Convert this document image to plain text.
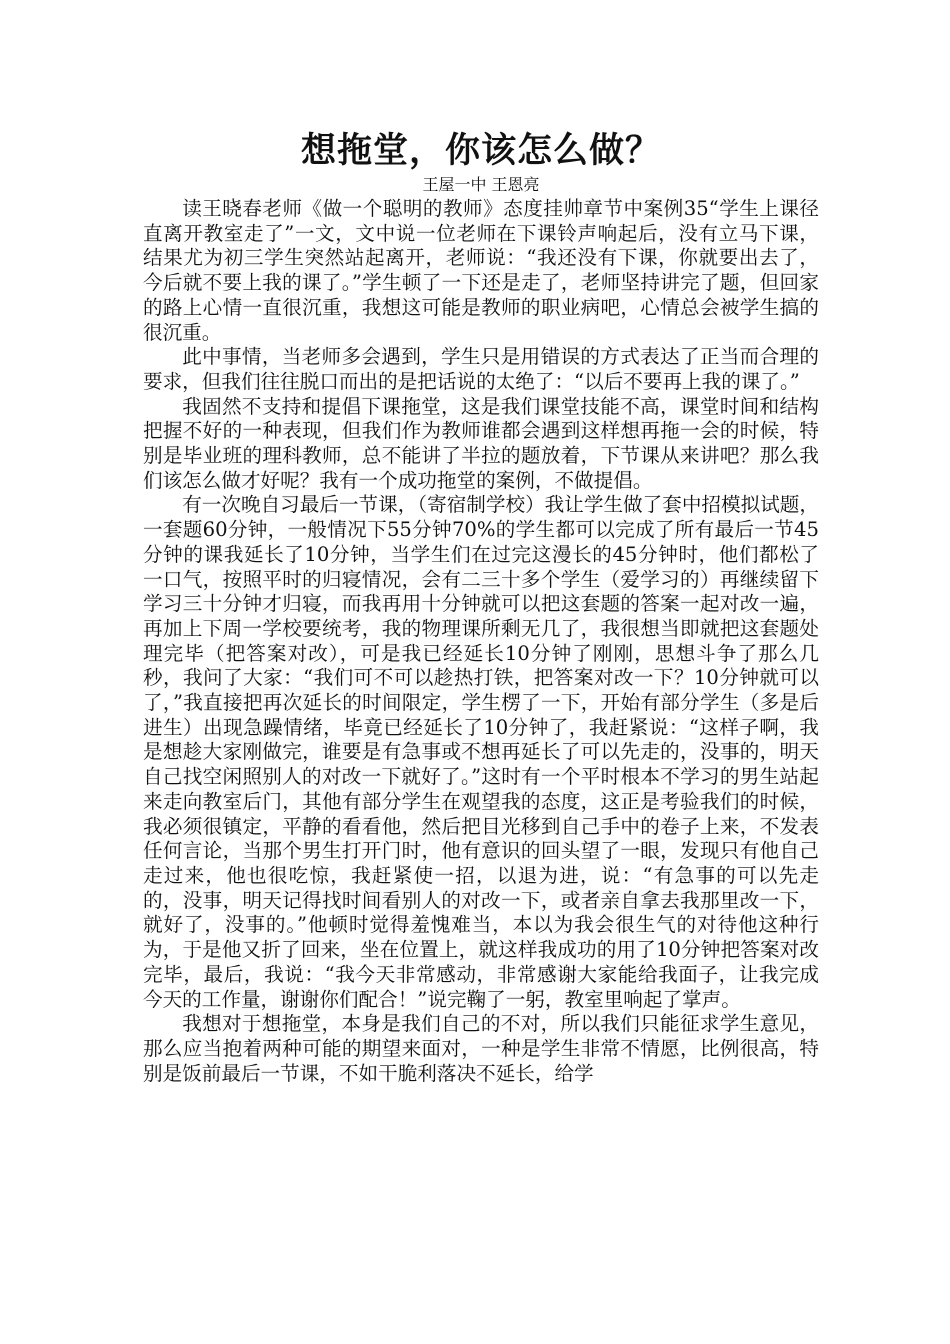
想拖堂，你该怎么做？

王屋一中 王恩亮

读王晓春老师《做一个聪明的教师》态度挂帅章节中案例35“学生上课径直离开教室走了”一文，文中说一位老师在下课铃声响起后，没有立马下课，结果尤为初三学生突然站起离开，老师说：“我还没有下课，你就要出去了，今后就不要上我的课了。”学生顿了一下还是走了，老师坚持讲完了题，但回家的路上心情一直很沉重，我想这可能是教师的职业病吧，心情总会被学生搞的很沉重。

此中事情，当老师多会遇到，学生只是用错误的方式表达了正当而合理的要求，但我们往往脱口而出的是把话说的太绝了：“以后不要再上我的课了。”

我固然不支持和提倡下课拖堂，这是我们课堂技能不高，课堂时间和结构把握不好的一种表现，但我们作为教师谁都会遇到这样想再拖一会的时候，特别是毕业班的理科教师，总不能讲了半拉的题放着，下节课从来讲吧？那么我们该怎么做才好呢？我有一个成功拖堂的案例，不做提倡。

有一次晚自习最后一节课，（寄宿制学校）我让学生做了套中招模拟试题，一套题60分钟，一般情况下55分钟70%的学生都可以完成了所有最后一节45分钟的课我延长了10分钟，当学生们在过完这漫长的45分钟时，他们都松了一口气，按照平时的归寝情况，会有二三十多个学生（爱学习的）再继续留下学习三十分钟才归寝，而我再用十分钟就可以把这套题的答案一起对改一遍，再加上下周一学校要统考，我的物理课所剩无几了，我很想当即就把这套题处理完毕（把答案对改），可是我已经延长10分钟了刚刚，思想斗争了那么几秒，我问了大家：“我们可不可以趁热打铁，把答案对改一下？10分钟就可以了，”我直接把再次延长的时间限定，学生楞了一下，开始有部分学生（多是后进生）出现急躁情绪，毕竟已经延长了10分钟了，我赶紧说：“这样子啊，我是想趁大家刚做完，谁要是有急事或不想再延长了可以先走的，没事的，明天自己找空闲照别人的对改一下就好了。”这时有一个平时根本不学习的男生站起来走向教室后门，其他有部分学生在观望我的态度，这正是考验我们的时候，我必须很镇定，平静的看看他，然后把目光移到自己手中的卷子上来，不发表任何言论，当那个男生打开门时，他有意识的回头望了一眼，发现只有他自己走过来，他也很吃惊，我赶紧使一招，以退为进，说：“有急事的可以先走的，没事，明天记得找时间看别人的对改一下，或者亲自拿去我那里改一下，就好了，没事的。”他顿时觉得羞愧难当，本以为我会很生气的对待他这种行为，于是他又折了回来，坐在位置上，就这样我成功的用了10分钟把答案对改完毕，最后，我说：“我今天非常感动，非常感谢大家能给我面子，让我完成今天的工作量，谢谢你们配合！”说完鞠了一躬，教室里响起了掌声。

我想对于想拖堂，本身是我们自己的不对，所以我们只能征求学生意见，那么应当抱着两种可能的期望来面对，一种是学生非常不情愿，比例很高，特别是饭前最后一节课，不如干脆利落决不延长，给学
